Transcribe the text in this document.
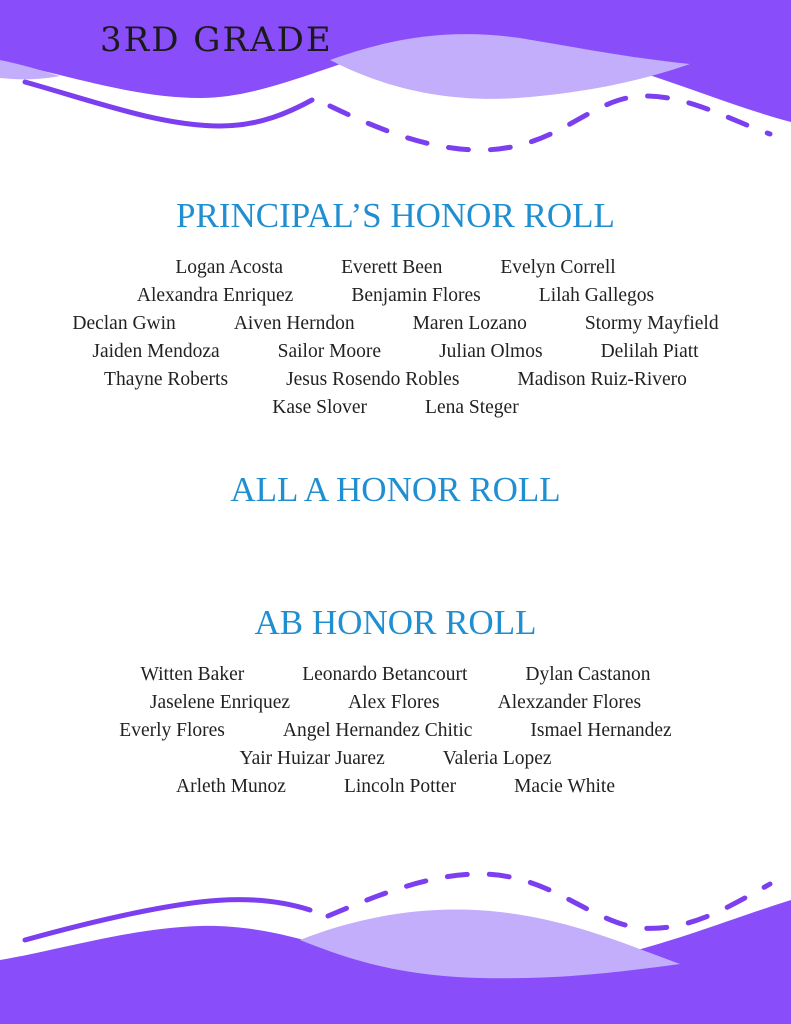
3RD GRADE
PRINCIPAL’S HONOR ROLL
Logan Acosta	Everett Been	Evelyn Correll
Alexandra Enriquez	Benjamin Flores	Lilah Gallegos
Declan Gwin	Aiven Herndon	Maren Lozano	Stormy Mayfield
Jaiden Mendoza	Sailor Moore	Julian Olmos	Delilah Piatt
Thayne Roberts	Jesus Rosendo Robles	Madison Ruiz-Rivero
Kase Slover	Lena Steger
ALL A HONOR ROLL
AB HONOR ROLL
Witten Baker	Leonardo Betancourt	Dylan Castanon
Jaselene Enriquez	Alex Flores	Alexzander Flores
Everly Flores	Angel Hernandez Chitic	Ismael Hernandez
Yair Huizar Juarez	Valeria Lopez
Arleth Munoz	Lincoln Potter	Macie White
